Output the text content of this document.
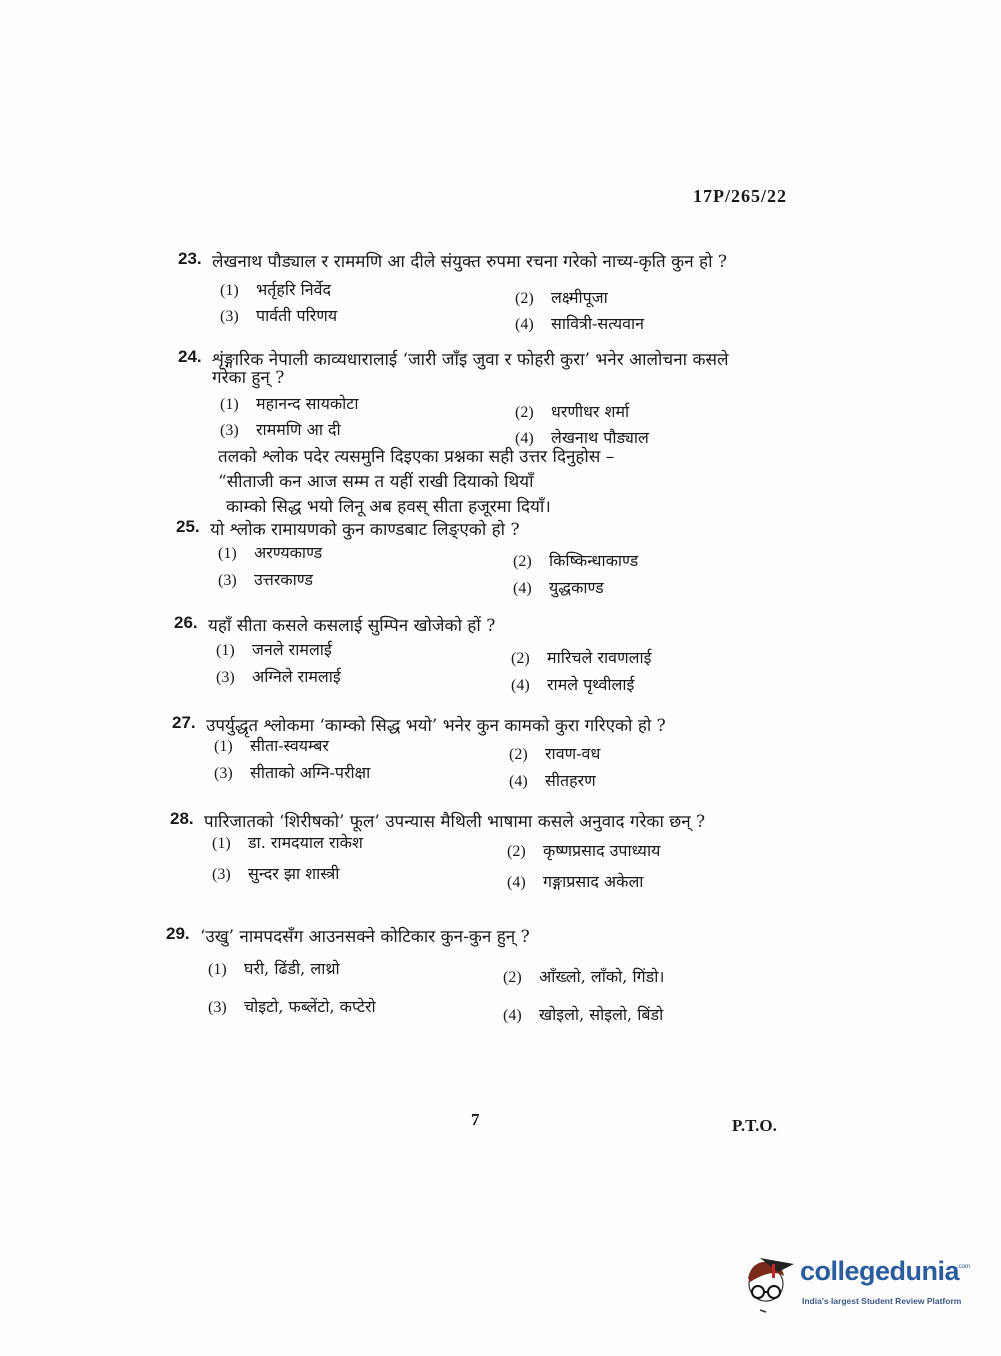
17P/265/22
23. लेखनाथ पौड्याल र राममणि आ दीले संयुक्त रुपमा रचना गरेको नाच्य-कृति कुन हो ?
(1) भर्तृहरि निर्वेद	(2) लक्ष्मीपूजा
(3) पार्वती परिणय	(4) सावित्री-सत्यवान
24. शृंङ्गारिक नेपाली काव्यधारालाई ‘जारी जाँइ जुवा र फोहरी कुरा’ भनेर आलोचना कसले
गरेका हुन् ?
(1) महानन्द सायकोटा	(2) धरणीधर शर्मा
(3) राममणि आ दी	(4) लेखनाथ पौड्याल
25. यो श्लोक रामायणको कुन काण्डबाट लिङ्एको हो ?
(1) अरण्यकाण्ड	(2) किष्किन्धाकाण्ड
(3) उत्तरकाण्ड	(4) युद्धकाण्ड
26. यहाँ सीता कसले कसलाई सुम्पिन खोजेको हों ?
(1) जनले रामलाई	(2) मारिचले रावणलाई
(3) अग्निले रामलाई	(4) रामले पृथ्वीलाई
27. उपर्युद्धृत श्लोकमा ‘काम्को सिद्ध भयो’ भनेर कुन कामको कुरा गरिएको हो ?
(1) सीता-स्वयम्बर	(2) रावण-वध
(3) सीताको अग्नि-परीक्षा	(4) सीतहरण
28. पारिजातको ‘शिरीषको’ फूल’ उपन्यास मैथिली भाषामा कसले अनुवाद गरेका छन् ?
(1) डा. रामदयाल राकेश	(2) कृष्णप्रसाद उपाध्याय
(3) सुन्दर झा शास्त्री	(4) गङ्गाप्रसाद अकेला
29. ‘उखु’ नामपदसँग आउनसक्ने कोटिकार कुन-कुन हुन् ?
(1) घरी, ढिंडी, लाथ्रो	(2) आँख्लो, लाँको, गिंडो।
(3) चोइटो, फब्लेंटो, कप्टेरो	(4) खोइलो, सोइलो, बिंडो
तलको श्लोक पदेर त्यसमुनि दिइएका प्रश्नका सही उत्तर दिनुहोस –
“सीताजी कन आज सम्म त यहीं राखी दियाको थियाँ
काम्को सिद्ध भयो लिनू अब हवस् सीता हजूरमा दियाँ।
7	P.T.O.
collegedunia
.com
India's largest Student Review Platform
